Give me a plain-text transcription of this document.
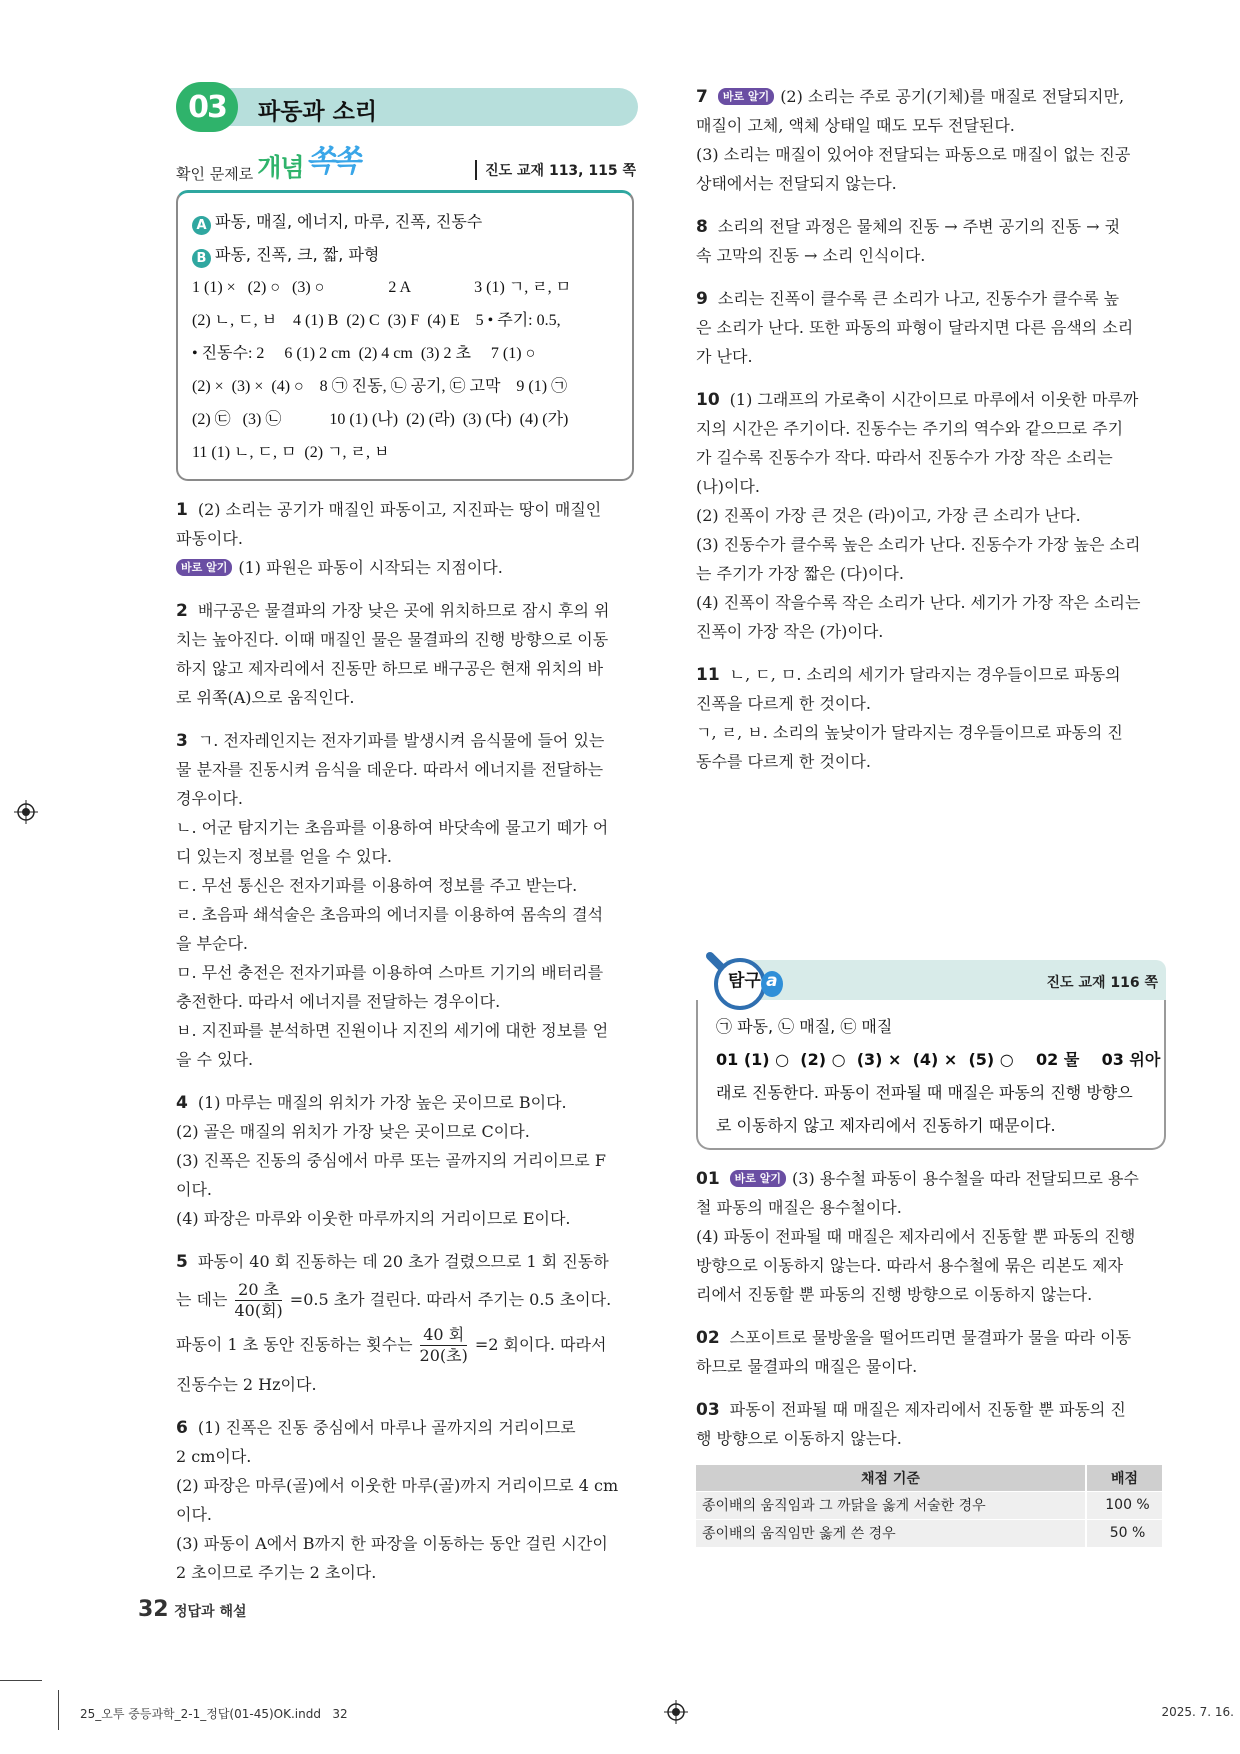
03	파동과 소리
확인 문제로 개념 쏙쏙	진도 교재 113, 115 쪽
A 파동, 매질, 에너지, 마루, 진폭, 진동수
B 파동, 진폭, 크, 짧, 파형
1 (1) ×   (2) ○   (3) ○                2 A                3 (1) ㄱ, ㄹ, ㅁ
(2) ㄴ, ㄷ, ㅂ    4 (1) B  (2) C  (3) F  (4) E    5 • 주기: 0.5,
• 진동수: 2     6 (1) 2 cm  (2) 4 cm  (3) 2 초     7 (1) ○
(2) ×  (3) ×  (4) ○    8 ㉠ 진동, ㉡ 공기, ㉢ 고막    9 (1) ㉠
(2) ㉢   (3) ㉡            10 (1) (나)  (2) (라)  (3) (다)  (4) (가)
11 (1) ㄴ, ㄷ, ㅁ  (2) ㄱ, ㄹ, ㅂ
1 (2) 소리는 공기가 매질인 파동이고, 지진파는 땅이 매질인
파동이다.
바로 알기 (1) 파원은 파동이 시작되는 지점이다.
2 배구공은 물결파의 가장 낮은 곳에 위치하므로 잠시 후의 위
치는 높아진다. 이때 매질인 물은 물결파의 진행 방향으로 이동
하지 않고 제자리에서 진동만 하므로 배구공은 현재 위치의 바
로 위쪽(A)으로 움직인다.
3 ㄱ. 전자레인지는 전자기파를 발생시켜 음식물에 들어 있는
물 분자를 진동시켜 음식을 데운다. 따라서 에너지를 전달하는
경우이다.
ㄴ. 어군 탐지기는 초음파를 이용하여 바닷속에 물고기 떼가 어
디 있는지 정보를 얻을 수 있다.
ㄷ. 무선 통신은 전자기파를 이용하여 정보를 주고 받는다.
ㄹ. 초음파 쇄석술은 초음파의 에너지를 이용하여 몸속의 결석
을 부순다.
ㅁ. 무선 충전은 전자기파를 이용하여 스마트 기기의 배터리를
충전한다. 따라서 에너지를 전달하는 경우이다.
ㅂ. 지진파를 분석하면 진원이나 지진의 세기에 대한 정보를 얻
을 수 있다.
4 (1) 마루는 매질의 위치가 가장 높은 곳이므로 B이다.
(2) 골은 매질의 위치가 가장 낮은 곳이므로 C이다.
(3) 진폭은 진동의 중심에서 마루 또는 골까지의 거리이므로 F
이다.
(4) 파장은 마루와 이웃한 마루까지의 거리이므로 E이다.
5 파동이 40 회 진동하는 데 20 초가 걸렸으므로 1 회 진동하
는 데는 $\frac{\text{20 초}}{\text{40(회)}} =0.5$ 초가 걸린다. 따라서 주기는 0.5 초이다.
파동이 1 초 동안 진동하는 횟수는 $\frac{\text{40 회}}{\text{20(초)}} =2$ 회이다. 따라서
진동수는 2 Hz이다.
6 (1) 진폭은 진동 중심에서 마루나 골까지의 거리이므로
2 cm이다.
(2) 파장은 마루(골)에서 이웃한 마루(골)까지 거리이므로 4 cm
이다.
(3) 파동이 A에서 B까지 한 파장을 이동하는 동안 걸린 시간이
2 초이므로 주기는 2 초이다.
7 바로 알기 (2) 소리는 주로 공기(기체)를 매질로 전달되지만,
매질이 고체, 액체 상태일 때도 모두 전달된다.
(3) 소리는 매질이 있어야 전달되는 파동으로 매질이 없는 진공
상태에서는 전달되지 않는다.
8 소리의 전달 과정은 물체의 진동 → 주변 공기의 진동 → 귓
속 고막의 진동 → 소리 인식이다.
9 소리는 진폭이 클수록 큰 소리가 나고, 진동수가 클수록 높
은 소리가 난다. 또한 파동의 파형이 달라지면 다른 음색의 소리
가 난다.
10 (1) 그래프의 가로축이 시간이므로 마루에서 이웃한 마루까
지의 시간은 주기이다. 진동수는 주기의 역수와 같으므로 주기
가 길수록 진동수가 작다. 따라서 진동수가 가장 작은 소리는
(나)이다.
(2) 진폭이 가장 큰 것은 (라)이고, 가장 큰 소리가 난다.
(3) 진동수가 클수록 높은 소리가 난다. 진동수가 가장 높은 소리
는 주기가 가장 짧은 (다)이다.
(4) 진폭이 작을수록 작은 소리가 난다. 세기가 가장 작은 소리는
진폭이 가장 작은 (가)이다.
11 ㄴ, ㄷ, ㅁ. 소리의 세기가 달라지는 경우들이므로 파동의
진폭을 다르게 한 것이다.
ㄱ, ㄹ, ㅂ. 소리의 높낮이가 달라지는 경우들이므로 파동의 진
동수를 다르게 한 것이다.
탐구 a	진도 교재 116 쪽
㉠ 파동, ㉡ 매질, ㉢ 매질
01 (1) ○  (2) ○  (3) ×  (4) ×  (5) ○    02 물    03 위아
래로 진동한다. 파동이 전파될 때 매질은 파동의 진행 방향으
로 이동하지 않고 제자리에서 진동하기 때문이다.
01 바로 알기 (3) 용수철 파동이 용수철을 따라 전달되므로 용수
철 파동의 매질은 용수철이다.
(4) 파동이 전파될 때 매질은 제자리에서 진동할 뿐 파동의 진행
방향으로 이동하지 않는다. 따라서 용수철에 묶은 리본도 제자
리에서 진동할 뿐 파동의 진행 방향으로 이동하지 않는다.
02 스포이트로 물방울을 떨어뜨리면 물결파가 물을 따라 이동
하므로 물결파의 매질은 물이다.
03 파동이 전파될 때 매질은 제자리에서 진동할 뿐 파동의 진
행 방향으로 이동하지 않는다.
채점 기준	배점
종이배의 움직임과 그 까닭을 옳게 서술한 경우	100 %
종이배의 움직임만 옳게 쓴 경우	50 %
32 정답과 해설
25_오투 중등과학_2-1_정답(01-45)OK.indd   32	2025. 7. 16.
